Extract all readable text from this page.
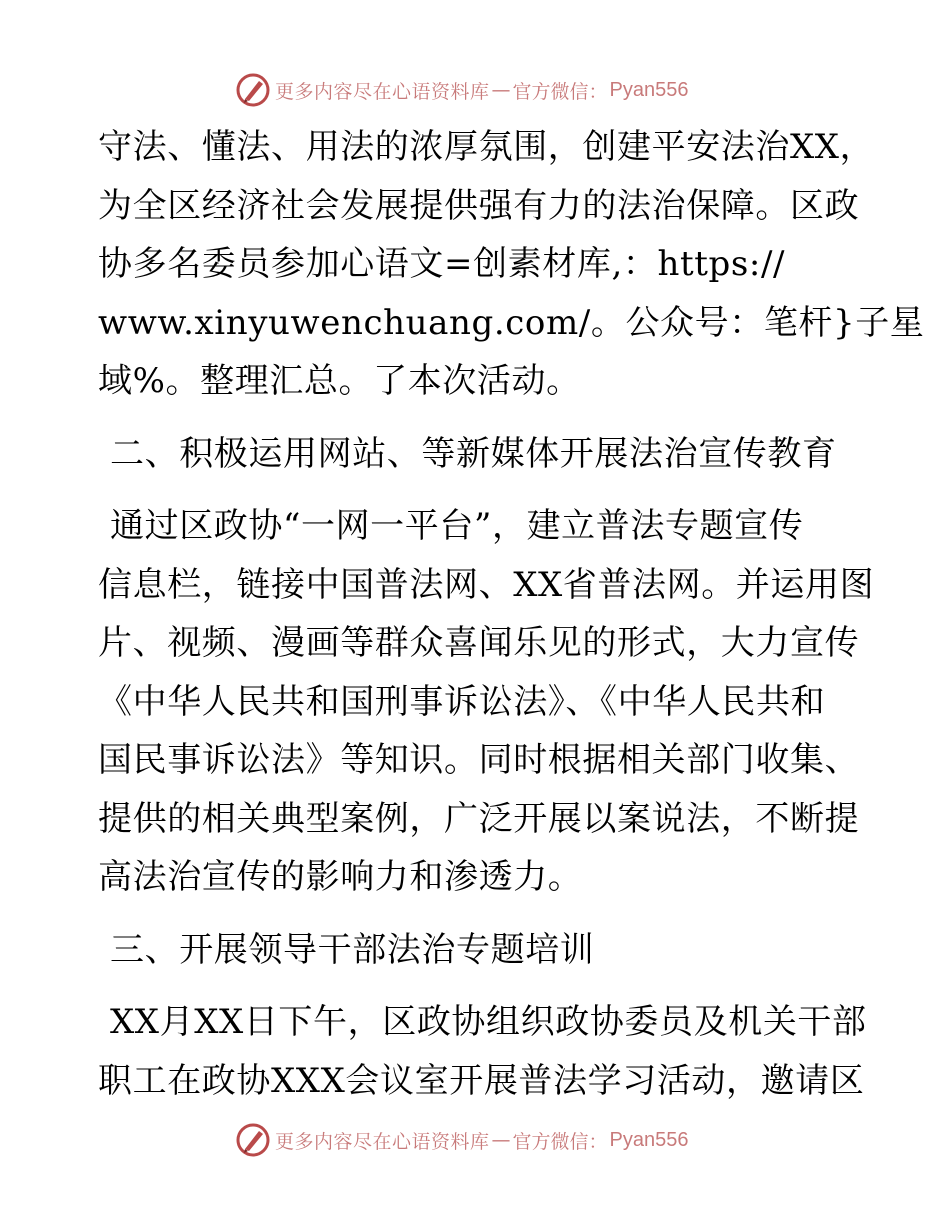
更多内容尽在心语资料库 — 官方微信： Pyan556
守法、懂法、用法的浓厚氛围，创建平安法治XX，
为全区经济社会发展提供强有力的法治保障。区政
协多名委员参加心语文=创素材库,：https://
www.xinyuwenchuang.com/。公众号：笔杆}子星
域%。整理汇总。了本次活动。
二、积极运用网站、等新媒体开展法治宣传教育
通过区政协“一网一平台”，建立普法专题宣传
信息栏，链接中国普法网、XX省普法网。并运用图
片、视频、漫画等群众喜闻乐见的形式，大力宣传
《中华人民共和国刑事诉讼法》、《中华人民共和
国民事诉讼法》等知识。同时根据相关部门收集、
提供的相关典型案例，广泛开展以案说法，不断提
高法治宣传的影响力和渗透力。
三、开展领导干部法治专题培训
XX月XX日下午，区政协组织政协委员及机关干部
职工在政协XXX会议室开展普法学习活动，邀请区
更多内容尽在心语资料库 — 官方微信： Pyan556
